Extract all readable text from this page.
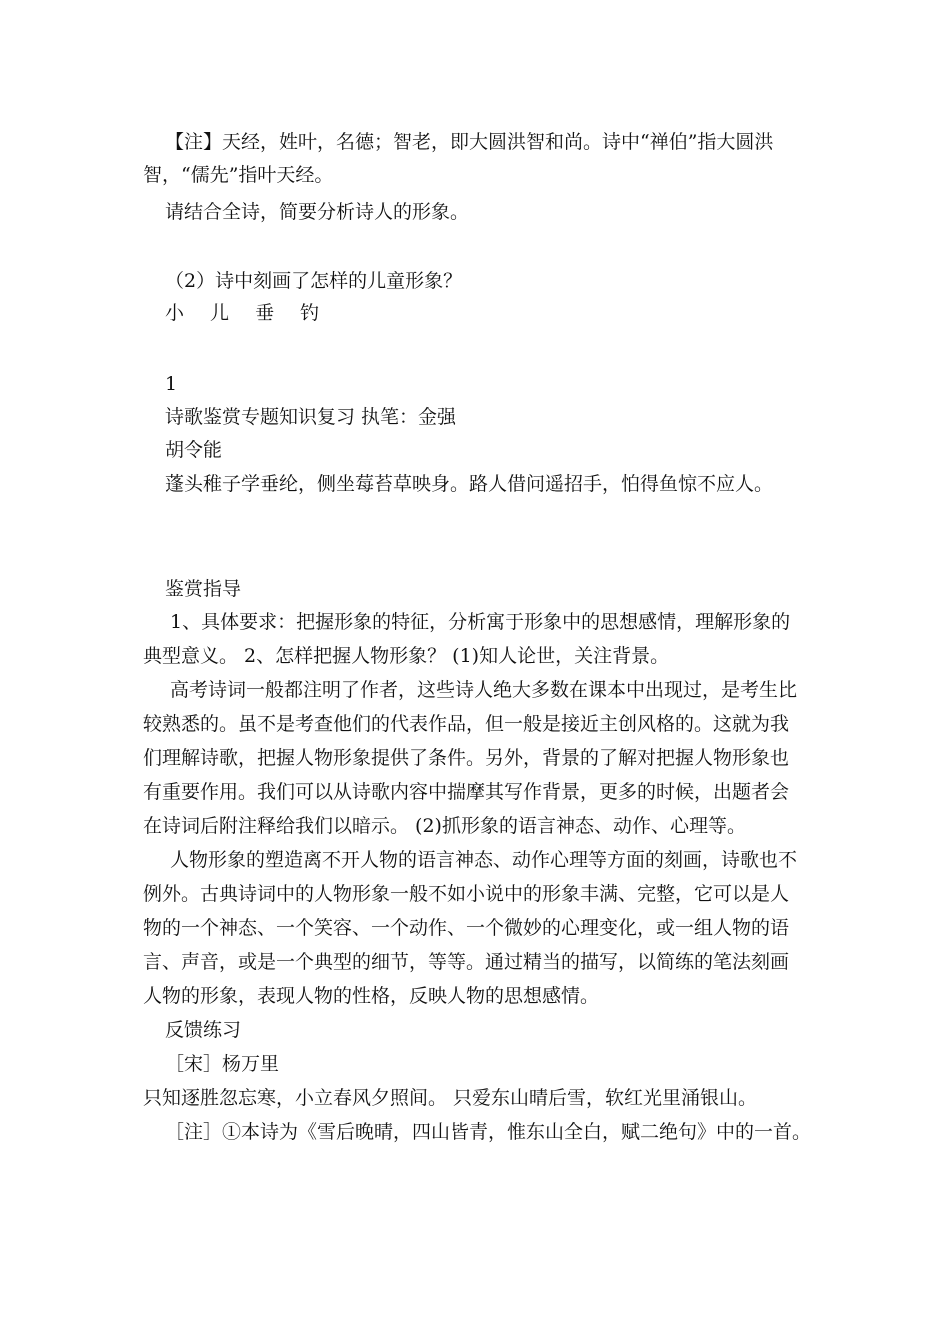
【注】天经，姓叶，名德；智老，即大圆洪智和尚。诗中“禅伯”指大圆洪

智，“儒先”指叶天经。

请结合全诗，简要分析诗人的形象。

（2）诗中刻画了怎样的儿童形象？

小 儿 垂 钓

1

诗歌鉴赏专题知识复习 执笔：金强

胡令能

蓬头稚子学垂纶，侧坐莓苔草映身。路人借问遥招手，怕得鱼惊不应人。

鉴赏指导

1、具体要求：把握形象的特征，分析寓于形象中的思想感情，理解形象的

典型意义。 2、怎样把握人物形象？ (1)知人论世，关注背景。

高考诗词一般都注明了作者，这些诗人绝大多数在课本中出现过，是考生比

较熟悉的。虽不是考查他们的代表作品，但一般是接近主创风格的。这就为我

们理解诗歌，把握人物形象提供了条件。另外，背景的了解对把握人物形象也

有重要作用。我们可以从诗歌内容中揣摩其写作背景，更多的时候，出题者会

在诗词后附注释给我们以暗示。 (2)抓形象的语言神态、动作、心理等。

人物形象的塑造离不开人物的语言神态、动作心理等方面的刻画，诗歌也不

例外。古典诗词中的人物形象一般不如小说中的形象丰满、完整，它可以是人

物的一个神态、一个笑容、一个动作、一个微妙的心理变化，或一组人物的语

言、声音，或是一个典型的细节，等等。通过精当的描写，以简练的笔法刻画

人物的形象，表现人物的性格，反映人物的思想感情。

反馈练习

［宋］杨万里

只知逐胜忽忘寒，小立春风夕照间。 只爱东山晴后雪，软红光里涌银山。

［注］①本诗为《雪后晚晴，四山皆青，惟东山全白，赋二绝句》中的一首。
